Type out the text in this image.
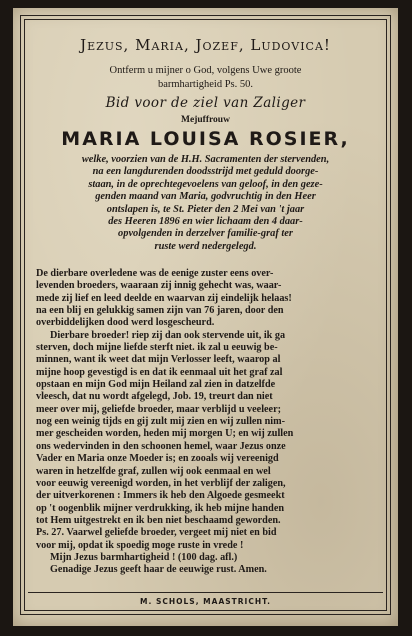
Jezus, Maria, Jozef, Ludovica!
Ontferm u mijner o God, volgens Uwe groote
barmhartigheid Ps. 50.
Bid voor de ziel van Zaliger
Mejuffrouw
MARIA LOUISA ROSIER,
welke, voorzien van de H.H. Sacramenten der stervenden,
na een langdurenden doodsstrijd met geduld doorge-
staan, in de oprechtegevoelens van geloof, in den geze-
genden maand van Maria, godvruchtig in den Heer
ontslapen is, te St. Pieter den 2 Mei van 't jaar
des Heeren 1896 en wier lichaam den 4 daar-
opvolgenden in derzelver familie-graf ter
ruste werd nedergelegd.
De dierbare overledene was de eenige zuster eens over-
levenden broeders, waaraan zij innig gehecht was, waar-
mede zij lief en leed deelde en waarvan zij eindelijk helaas!
na een blij en gelukkig samen zijn van 76 jaren, door den
overbiddelijken dood werd losgescheurd.
Dierbare broeder! riep zij dan ook stervende uit, ik ga
sterven, doch mijne liefde sterft niet. ik zal u eeuwig be-
minnen, want ik weet dat mijn Verlosser leeft, waarop al
mijne hoop gevestigd is en dat ik eenmaal uit het graf zal
opstaan en mijn God mijn Heiland zal zien in datzelfde
vleesch, dat nu wordt afgelegd, Job. 19, treurt dan niet
meer over mij, geliefde broeder, maar verblijd u veeleer;
nog een weinig tijds en gij zult mij zien en wij zullen nim-
mer gescheiden worden, heden mij morgen U; en wij zullen
ons wedervinden in den schoonen hemel, waar Jezus onze
Vader en Maria onze Moeder is; en zooals wij vereenigd
waren in hetzelfde graf, zullen wij ook eenmaal en wel
voor eeuwig vereenigd worden, in het verblijf der zaligen,
der uitverkorenen : Immers ik heb den Algoede gesmeekt
op 't oogenblik mijner verdrukking, ik heb mijne handen
tot Hem uitgestrekt en ik ben niet beschaamd geworden.
Ps. 27. Vaarwel geliefde broeder, vergeet mij niet en bid
voor mij, opdat ik spoedig moge ruste in vrede !
Mijn Jezus barmhartigheid ! (100 dag. afl.)
Genadige Jezus geeft haar de eeuwige rust. Amen.
M. SCHOLS, MAASTRICHT.
